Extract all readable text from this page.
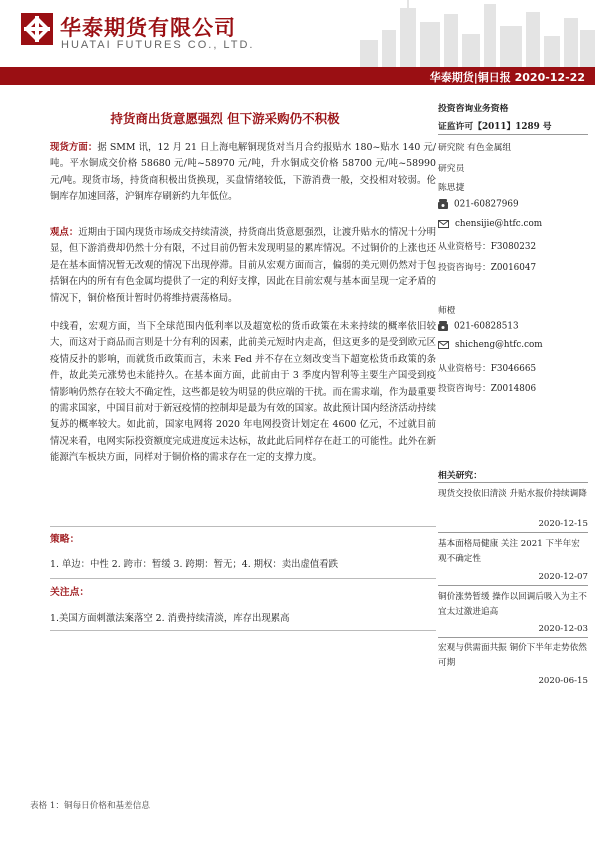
华泰期货有限公司
HUATAI FUTURES CO., LTD.
华泰期货|铜日报 2020-12-22
持货商出货意愿强烈 但下游采购仍不积极
现货方面：据 SMM 讯，12 月 21 日上海电解铜现货对当月合约报贴水 180~贴水 140 元/吨。平水铜成交价格 58680 元/吨~58970 元/吨，升水铜成交价格 58700 元/吨~58990 元/吨。现货市场，持货商积极出货换现，买盘情绪较低，下游消费一般，交投相对较弱。伦铜库存加速回落，沪铜库存刷新约九年低位。
观点：近期由于国内现货市场成交持续清淡，持货商出货意愿强烈，让渡升贴水的情况十分明显，但下游消费却仍然十分有限，不过目前仍暂未发现明显的累库情况。不过铜价的上涨也还是在基本面情况暂无改观的情况下出现停滞。目前从宏观方面而言，偏弱的美元则仍然对于包括铜在内的所有有色金属均提供了一定的利好支撑，因此在目前宏观与基本面呈现一定矛盾的情况下，铜价格预计暂时仍将维持震荡格局。
中线看，宏观方面，当下全球范围内低利率以及超宽松的货币政策在未来持续的概率依旧较大，而这对于商品而言则是十分有利的因素，此前美元短时内走高，但这更多的是受到欧元区疫情反扑的影响，而就货币政策而言，未来 Fed 并不存在立刻改变当下超宽松货币政策的条件，故此美元涨势也未能持久。在基本面方面，此前由于 3 季度内智利等主要生产国受到疫情影响仍然存在较大不确定性，这些都是较为明显的供应端的干扰。而在需求端，作为最重要的需求国家，中国目前对于新冠疫情的控制却是最为有效的国家。故此预计国内经济活动持续复苏的概率较大。如此前，国家电网将 2020 年电网投资计划定在 4600 亿元，不过就目前情况来看，电网实际投资额度完成进度远未达标，故此此后同样存在赶工的可能性。此外在新能源汽车板块方面，同样对于铜价格的需求存在一定的支撑力度。
策略：
1. 单边：中性 2. 跨市：暂缓 3. 跨期：暂无；4. 期权：卖出虚值看跌
关注点：
1.美国方面刺激法案落空 2. 消费持续清淡，库存出现累高
表格 1：铜每日价格和基差信息
投资咨询业务资格
证监许可【2011】1289 号
研究院 有色金属组
研究员
陈思捷
021-60827969
chensijie@htfc.com
从业资格号：F3080232
投资咨询号：Z0016047
师橙
021-60828513
shicheng@htfc.com
从业资格号：F3046665
投资咨询号：Z0014806
相关研究：
现货交投依旧清淡 升贴水报价持续调降
2020-12-15
基本面格局健康 关注 2021 下半年宏观不确定性
2020-12-07
铜价涨势暂缓 操作以回调后吸入为主不宜太过激进追高
2020-12-03
宏观与供需面共振 铜价下半年走势依然可期
2020-06-15
